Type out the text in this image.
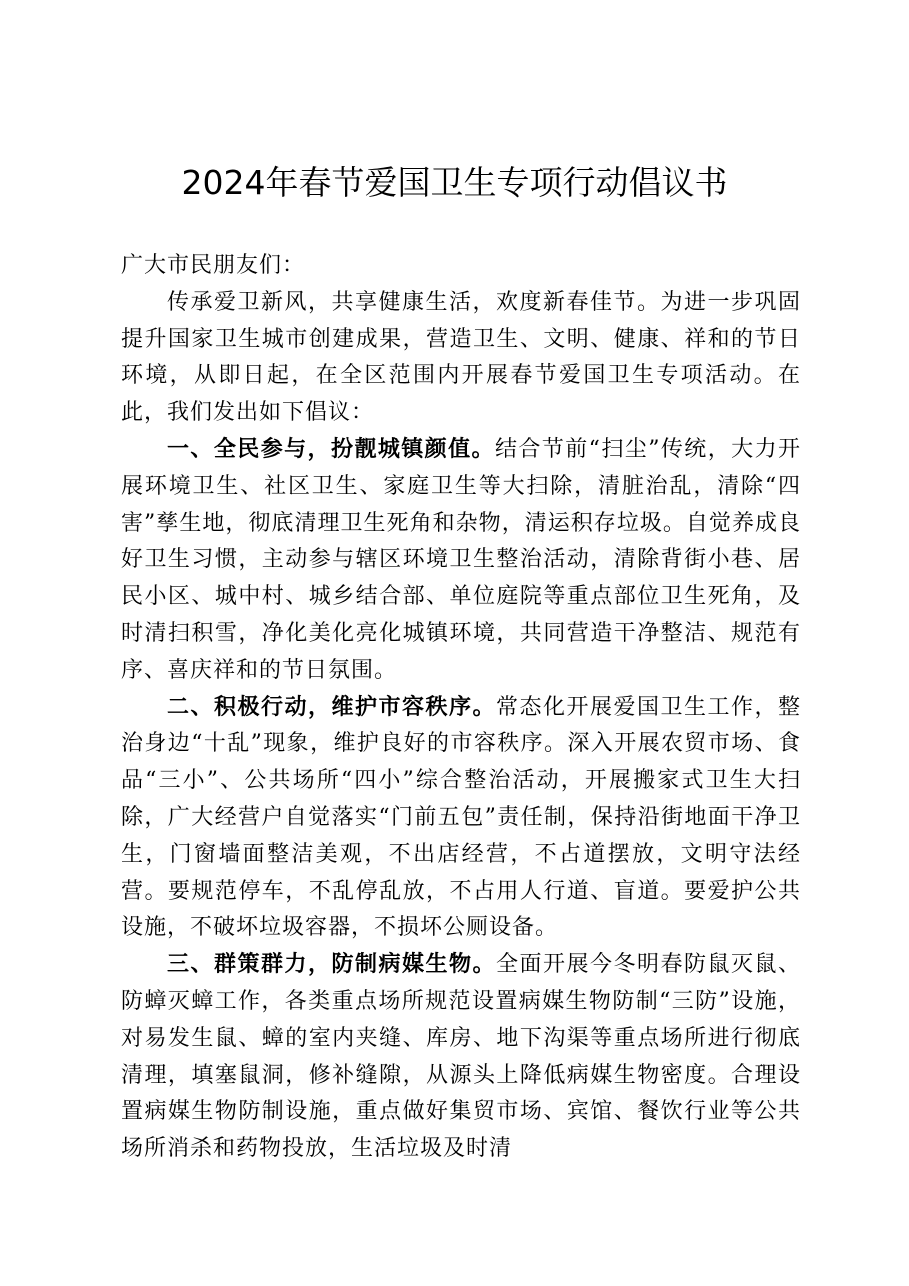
2024年春节爱国卫生专项行动倡议书

广大市民朋友们：

传承爱卫新风，共享健康生活，欢度新春佳节。为进一步巩固提升国家卫生城市创建成果，营造卫生、文明、健康、祥和的节日环境，从即日起，在全区范围内开展春节爱国卫生专项活动。在此，我们发出如下倡议：

一、全民参与，扮靓城镇颜值。结合节前“扫尘”传统，大力开展环境卫生、社区卫生、家庭卫生等大扫除，清脏治乱，清除“四害”孳生地，彻底清理卫生死角和杂物，清运积存垃圾。自觉养成良好卫生习惯，主动参与辖区环境卫生整治活动，清除背街小巷、居民小区、城中村、城乡结合部、单位庭院等重点部位卫生死角，及时清扫积雪，净化美化亮化城镇环境，共同营造干净整洁、规范有序、喜庆祥和的节日氛围。

二、积极行动，维护市容秩序。常态化开展爱国卫生工作，整治身边“十乱”现象，维护良好的市容秩序。深入开展农贸市场、食品“三小”、公共场所“四小”综合整治活动，开展搬家式卫生大扫除，广大经营户自觉落实“门前五包”责任制，保持沿街地面干净卫生，门窗墙面整洁美观，不出店经营，不占道摆放，文明守法经营。要规范停车，不乱停乱放，不占用人行道、盲道。要爱护公共设施，不破坏垃圾容器，不损坏公厕设备。

三、群策群力，防制病媒生物。全面开展今冬明春防鼠灭鼠、防蟑灭蟑工作，各类重点场所规范设置病媒生物防制“三防”设施，对易发生鼠、蟑的室内夹缝、库房、地下沟渠等重点场所进行彻底清理，填塞鼠洞，修补缝隙，从源头上降低病媒生物密度。合理设置病媒生物防制设施，重点做好集贸市场、宾馆、餐饮行业等公共场所消杀和药物投放，生活垃圾及时清
